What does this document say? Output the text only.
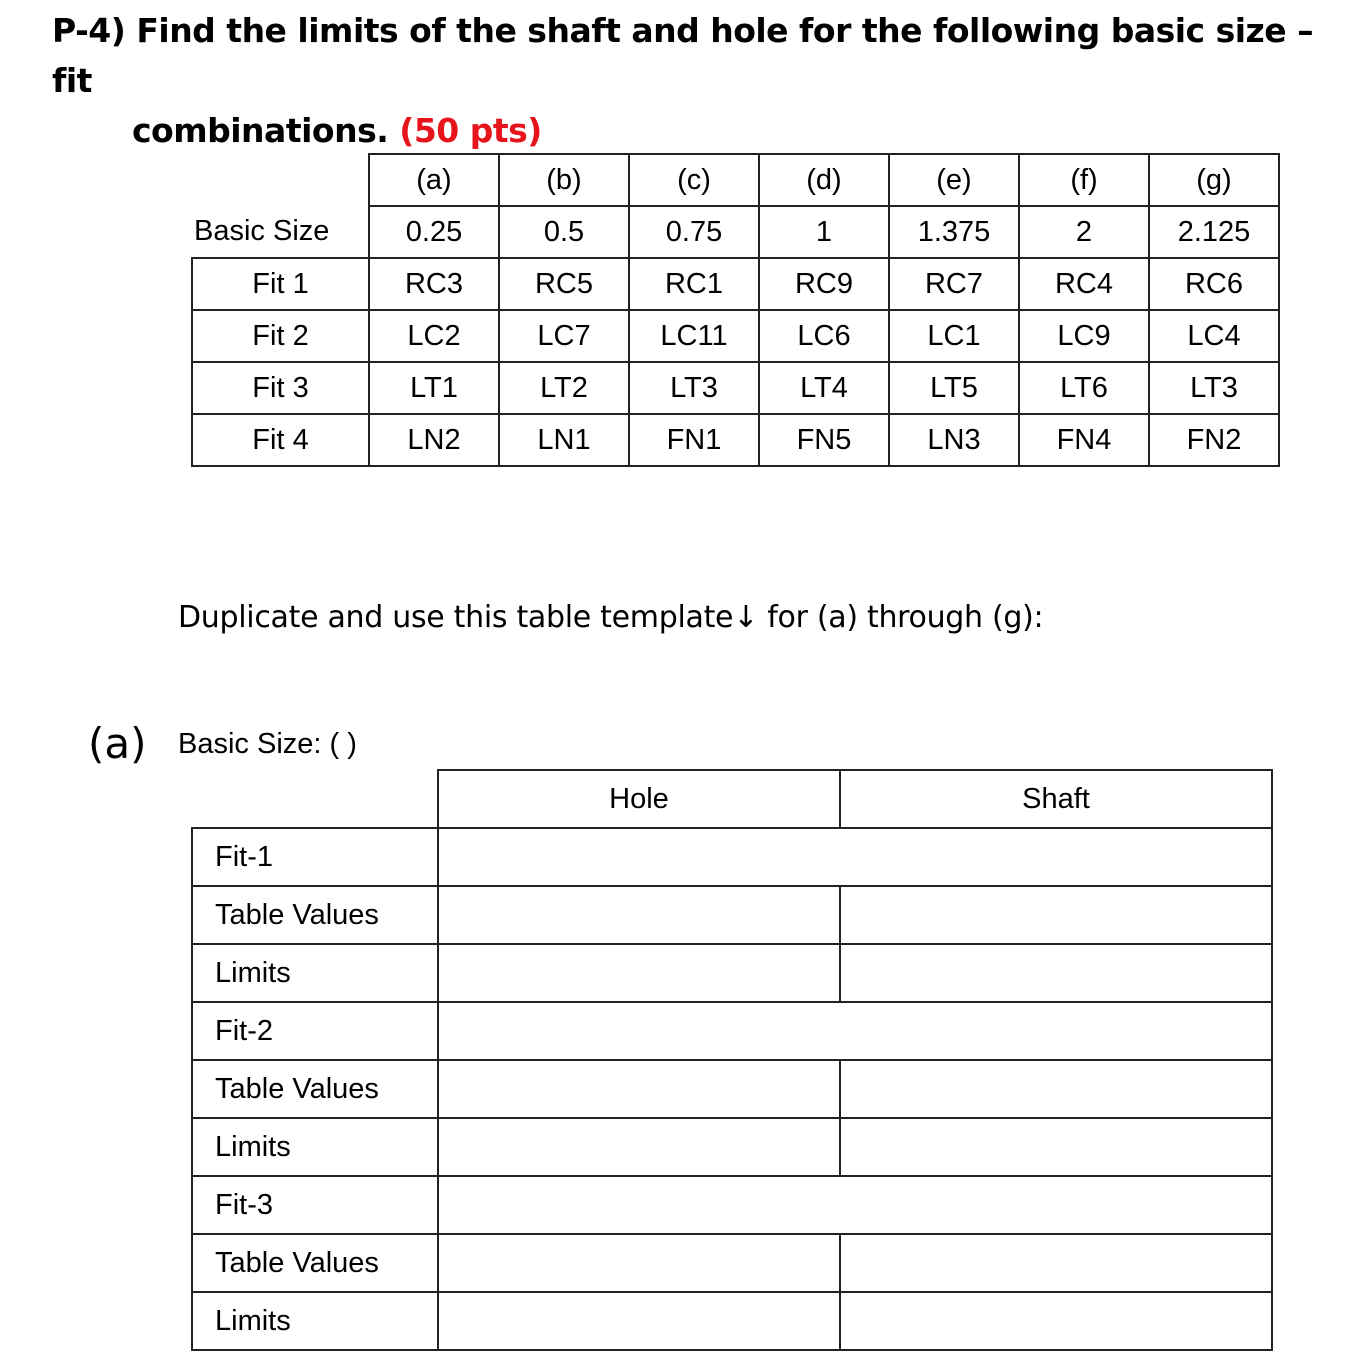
P-4) Find the limits of the shaft and hole for the following basic size – fit
combinations. (50 pts)
	(a)	(b)	(c)	(d)	(e)	(f)	(g)
Basic Size	0.25	0.5	0.75	1	1.375	2	2.125
Fit 1	RC3	RC5	RC1	RC9	RC7	RC4	RC6
Fit 2	LC2	LC7	LC11	LC6	LC1	LC9	LC4
Fit 3	LT1	LT2	LT3	LT4	LT5	LT6	LT3
Fit 4	LN2	LN1	FN1	FN5	LN3	FN4	FN2
Duplicate and use this table template↓ for (a) through (g):
(a) Basic Size: ( )
	Hole	Shaft
Fit-1		
Table Values		
Limits		
Fit-2		
Table Values		
Limits		
Fit-3		
Table Values		
Limits		
